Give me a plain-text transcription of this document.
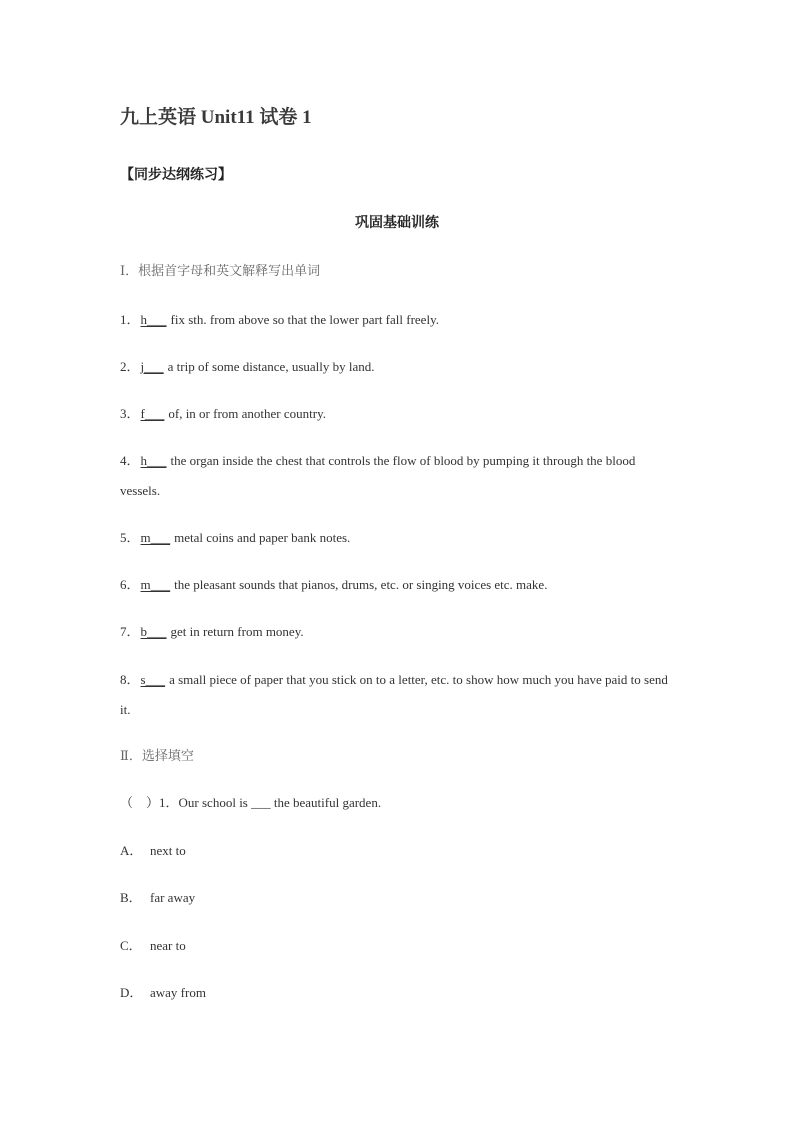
九上英语 Unit11 试卷 1
【同步达纲练习】
巩固基础训练
Ⅰ．根据首字母和英文解释写出单词
1．h___ fix sth. from above so that the lower part fall freely.
2．j___ a trip of some distance, usually by land.
3．f___ of, in or from another country.
4．h___ the organ inside the chest that controls the flow of blood by pumping it through the blood vessels.
5．m___ metal coins and paper bank notes.
6．m___ the pleasant sounds that pianos, drums, etc. or singing voices etc. make.
7．b___ get in return from money.
8．s___ a small piece of paper that you stick on to a letter, etc. to show how much you have paid to send it.
Ⅱ．选择填空
（　）1．Our school is ___ the beautiful garden.
A． next to
B． far away
C． near to
D． away from
